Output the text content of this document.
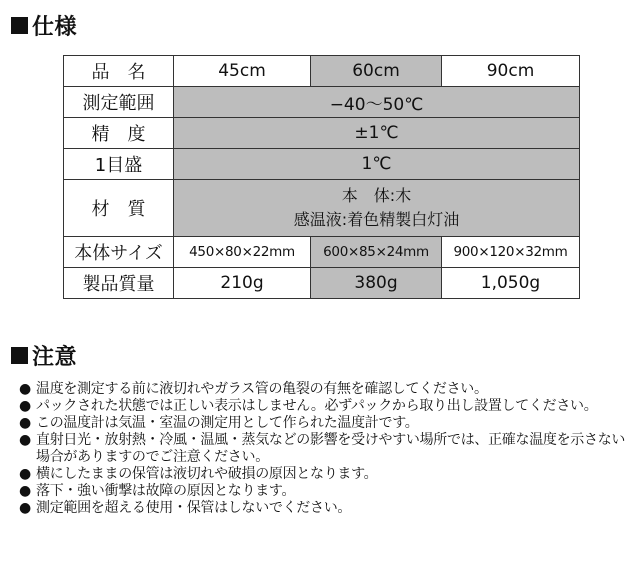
仕様
品　名	45cm	60cm	90cm
測定範囲	−40〜50℃		
精　度	±1℃		
1目盛	1℃		
材　質	本　体:木
感温液:着色精製白灯油		

本体サイズ	450×80×22mm	600×85×24mm	900×120×32mm
製品質量	210g	380g	1,050g
注意
● 温度を測定する前に液切れやガラス管の亀裂の有無を確認してください。
● パックされた状態では正しい表示はしません。必ずパックから取り出し設置してください。
● この温度計は気温・室温の測定用として作られた温度計です。
● 直射日光・放射熱・冷風・温風・蒸気などの影響を受けやすい場所では、正確な温度を示さない場合がありますのでご注意ください。
● 横にしたままの保管は液切れや破損の原因となります。
● 落下・強い衝撃は故障の原因となります。
● 測定範囲を超える使用・保管はしないでください。
